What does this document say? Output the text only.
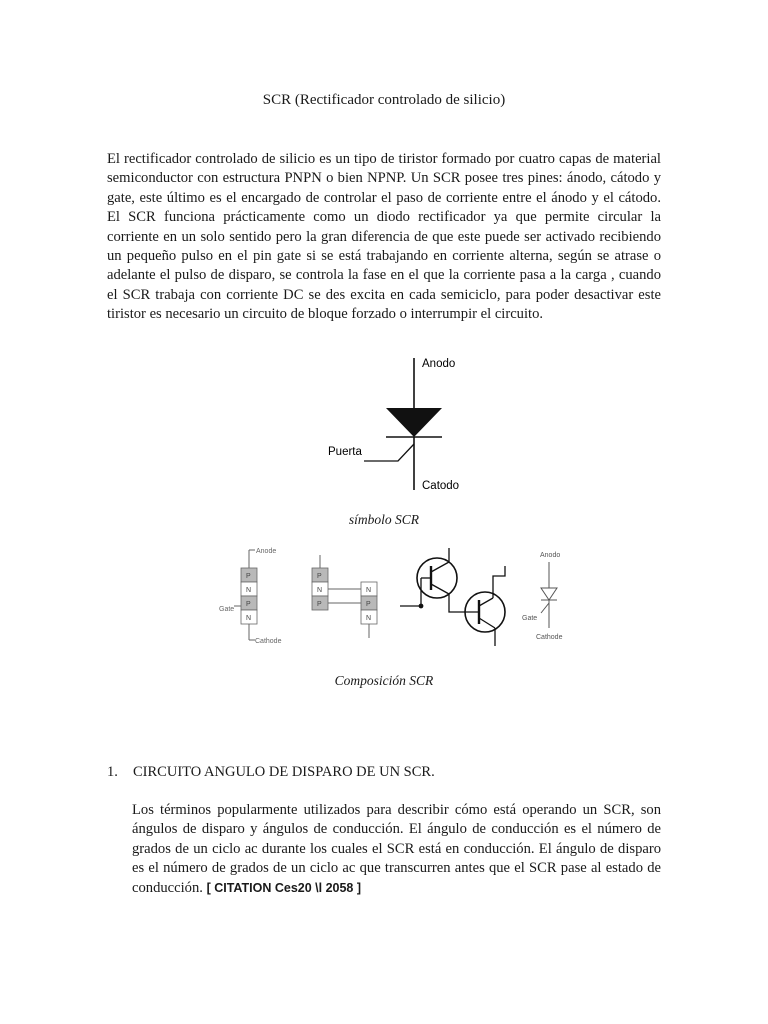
SCR (Rectificador controlado de silicio)

El rectificador controlado de silicio es un tipo de tiristor formado por cuatro capas de material semiconductor con estructura PNPN o bien NPNP. Un SCR posee tres pines: ánodo, cátodo y gate, este último es el encargado de controlar el paso de corriente entre el ánodo y el cátodo. El SCR funciona prácticamente como un diodo rectificador ya que permite circular la corriente en un solo sentido pero la gran diferencia de que este puede ser activado recibiendo un pequeño pulso en el pin gate si se está trabajando en corriente alterna, según se atrase o adelante el pulso de disparo, se controla la fase en el que la corriente pasa a la carga , cuando el SCR trabaja con corriente DC se des excita en cada semiciclo, para poder desactivar este tiristor es necesario un circuito de bloque forzado o interrumpir el circuito.

Anodo
Puerta
Catodo
símbolo SCR
Anode
P
N
P
N
Gate
Cathode
P
N
P
N
P
N
Anodo
Gate
Cathode
Composición SCR
1. CIRCUITO ANGULO DE DISPARO DE UN SCR.

Los términos popularmente utilizados para describir cómo está operando un SCR, son ángulos de disparo y ángulos de conducción. El ángulo de conducción es el número de grados de un ciclo ac durante los cuales el SCR está en conducción. El ángulo de disparo es el número de grados de un ciclo ac que transcurren antes que el SCR pase al estado de conducción. [ CITATION Ces20 \l 2058 ]
